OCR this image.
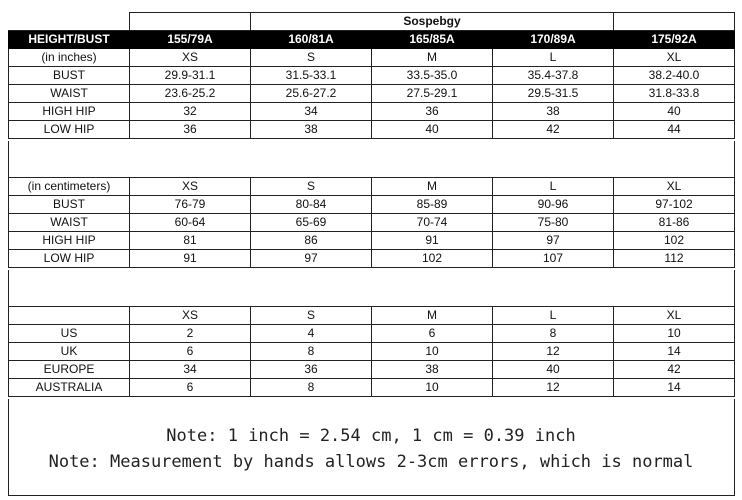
		Sospebgy			
HEIGHT/BUST	155/79A	160/81A	165/85A	170/89A	175/92A
(in inches)	XS	S	M	L	XL
BUST	29.9-31.1	31.5-33.1	33.5-35.0	35.4-37.8	38.2-40.0
WAIST	23.6-25.2	25.6-27.2	27.5-29.1	29.5-31.5	31.8-33.8
HIGH HIP	32	34	36	38	40
LOW HIP	36	38	40	42	44
(in centimeters)	XS	S	M	L	XL
BUST	76-79	80-84	85-89	90-96	97-102
WAIST	60-64	65-69	70-74	75-80	81-86
HIGH HIP	81	86	91	97	102
LOW HIP	91	97	102	107	112
	XS	S	M	L	XL
US	2	4	6	8	10
UK	6	8	10	12	14
EUROPE	34	36	38	40	42
AUSTRALIA	6	8	10	12	14
Note: 1 inch = 2.54 cm, 1 cm = 0.39 inch
Note: Measurement by hands allows 2-3cm errors, which is normal
